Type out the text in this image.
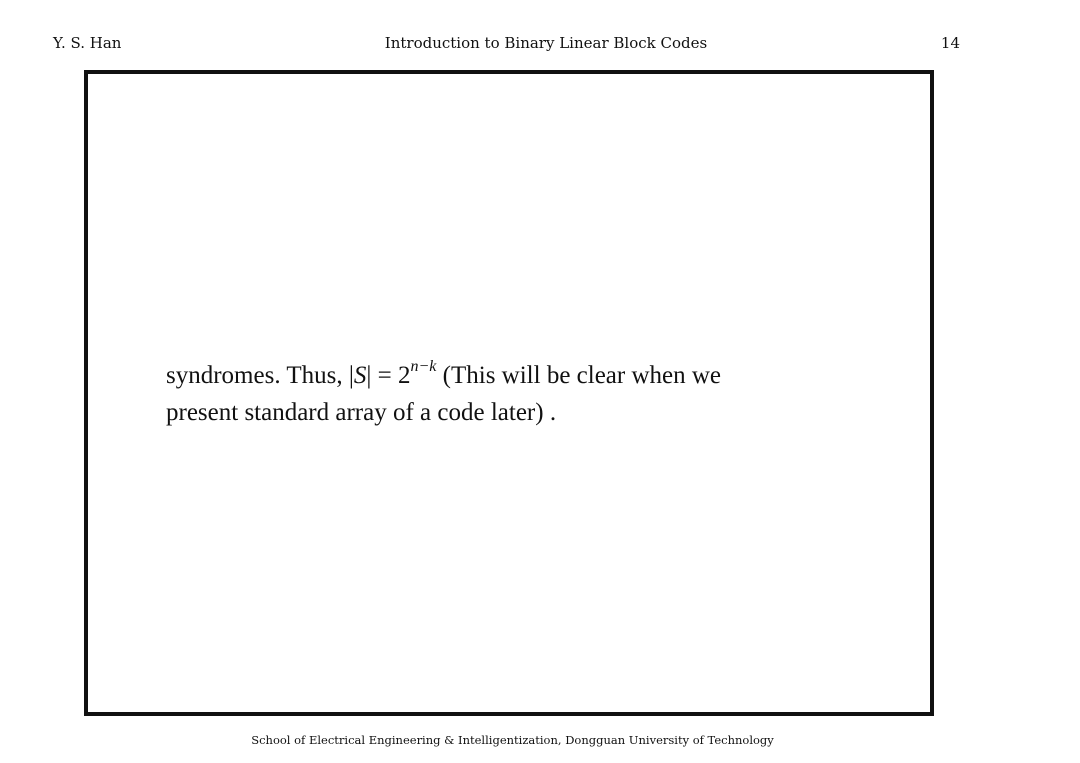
Y. S. Han	Introduction to Binary Linear Block Codes	14
syndromes. Thus, $|S| = 2^{n-k}$ (This will be clear when we
present standard array of a code later) .
School of Electrical Engineering & Intelligentization, Dongguan University of Technology
